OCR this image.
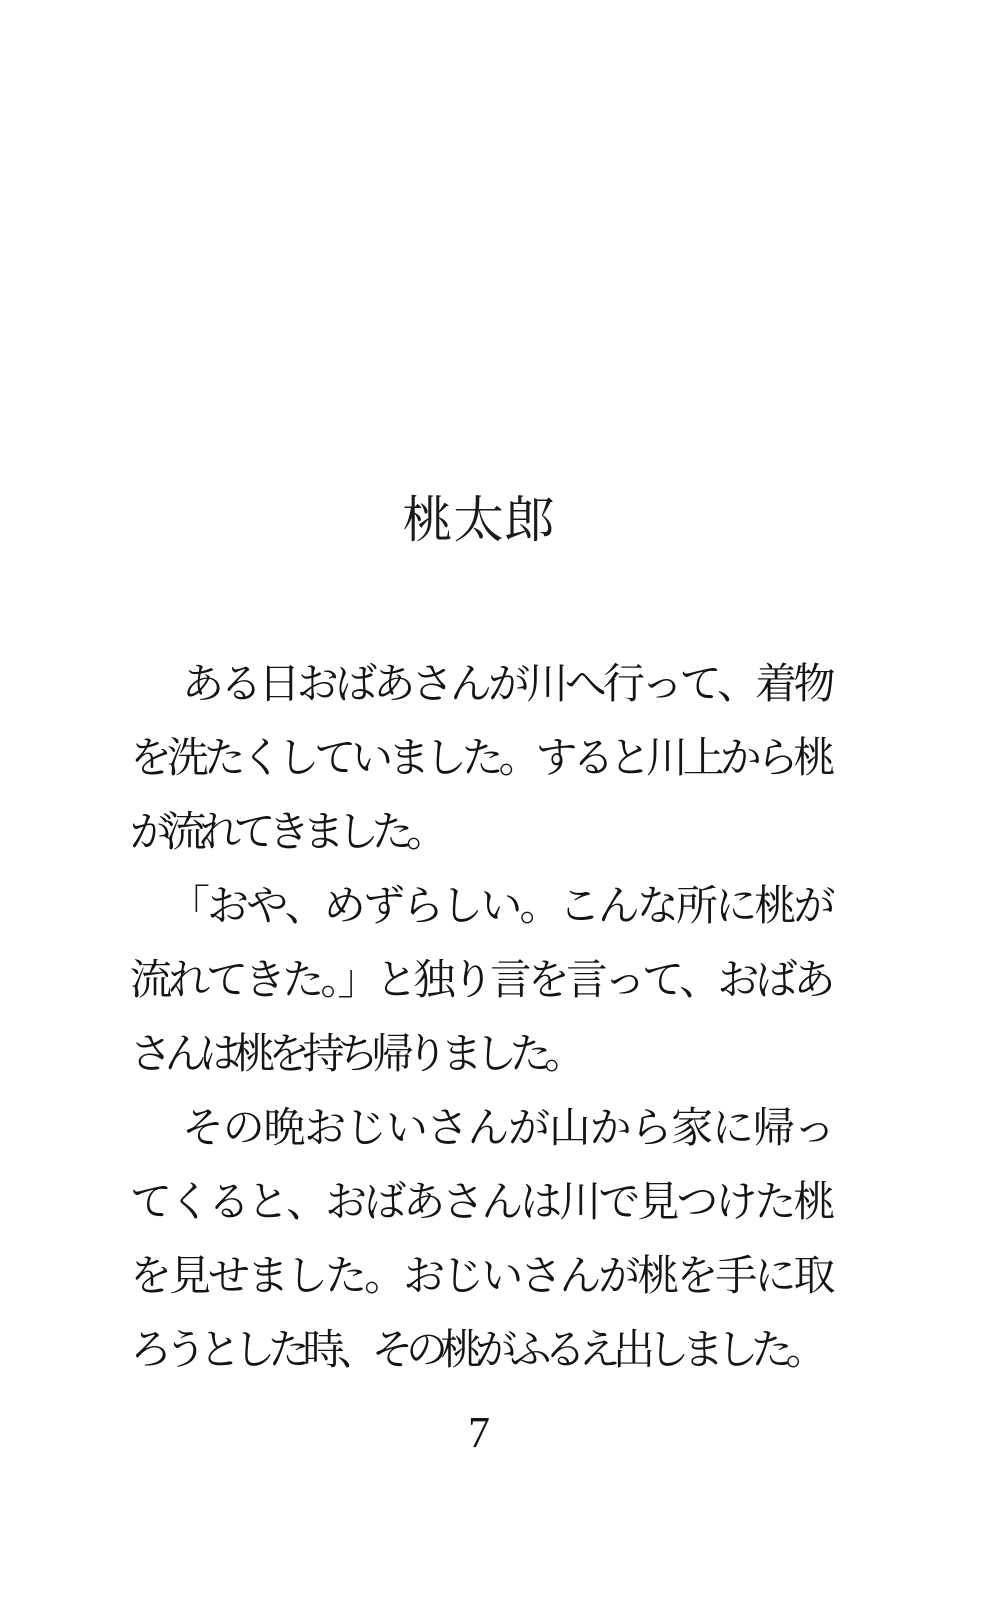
桃太郎
ある日おばあさんが川へ行って、着物
を洗たくしていました。すると川上から桃
が流れてきました。
「おや、めずらしい。こんな所に桃が
流れてきた。」と独り言を言って、おばあ
さんは桃を持ち帰りました。
その晩おじいさんが山から家に帰っ
てくると、おばあさんは川で見つけた桃
を見せました。おじいさんが桃を手に取
ろうとした時、その桃がふるえ出しました。
7
